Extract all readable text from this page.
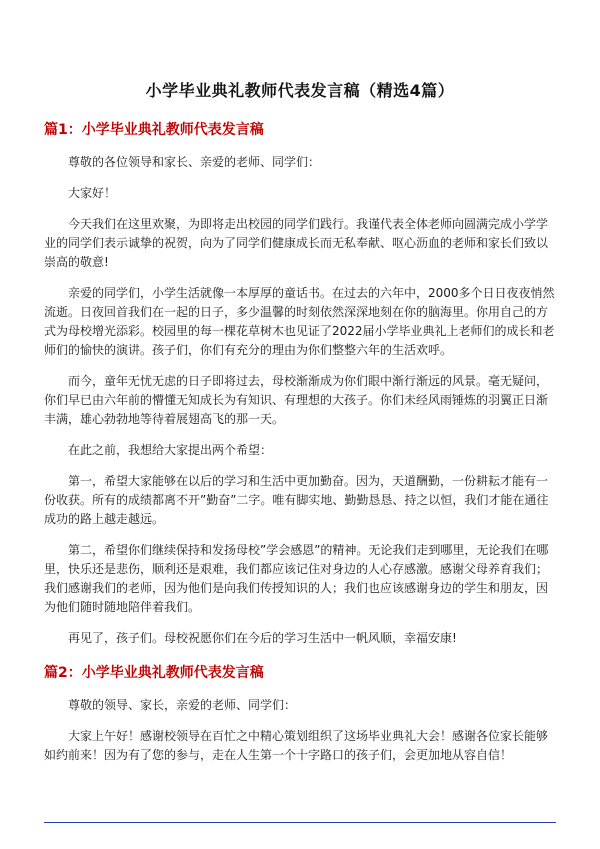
小学毕业典礼教师代表发言稿（精选4篇）
篇1：小学毕业典礼教师代表发言稿

尊敬的各位领导和家长、亲爱的老师、同学们：

大家好！

今天我们在这里欢聚，为即将走出校园的同学们践行。我谨代表全体老师向圆满完成小学学业的同学们表示诚挚的祝贺，向为了同学们健康成长而无私奉献、呕心沥血的老师和家长们致以崇高的敬意!

亲爱的同学们，小学生活就像一本厚厚的童话书。在过去的六年中，2000多个日日夜夜悄然流逝。日夜回首我们在一起的日子，多少温馨的时刻依然深深地刻在你的脑海里。你用自己的方式为母校增光添彩。校园里的每一棵花草树木也见证了2022届小学毕业典礼上老师们的成长和老师们的愉快的演讲。孩子们，你们有充分的理由为你们整整六年的生活欢呼。

而今，童年无忧无虑的日子即将过去，母校渐渐成为你们眼中渐行渐远的风景。毫无疑问，你们早已由六年前的懵懂无知成长为有知识、有理想的大孩子。你们未经风雨锤炼的羽翼正日渐丰满，雄心勃勃地等待着展翅高飞的那一天。

在此之前，我想给大家提出两个希望：

第一，希望大家能够在以后的学习和生活中更加勤奋。因为，天道酬勤，一份耕耘才能有一份收获。所有的成绩都离不开”勤奋”二字。唯有脚实地、勤勤恳恳、持之以恒，我们才能在通往成功的路上越走越远。

第二，希望你们继续保持和发扬母校”学会感恩”的精神。无论我们走到哪里，无论我们在哪里，快乐还是悲伤，顺利还是艰难，我们都应该记住对身边的人心存感激。感谢父母养育我们；我们感谢我们的老师，因为他们是向我们传授知识的人；我们也应该感谢身边的学生和朋友，因为他们随时随地陪伴着我们。

再见了，孩子们。母校祝愿你们在今后的学习生活中一帆风顺，幸福安康!

篇2：小学毕业典礼教师代表发言稿

尊敬的领导、家长，亲爱的老师、同学们：

大家上午好！感谢校领导在百忙之中精心策划组织了这场毕业典礼大会！感谢各位家长能够如约前来！因为有了您的参与，走在人生第一个十字路口的孩子们，会更加地从容自信！
